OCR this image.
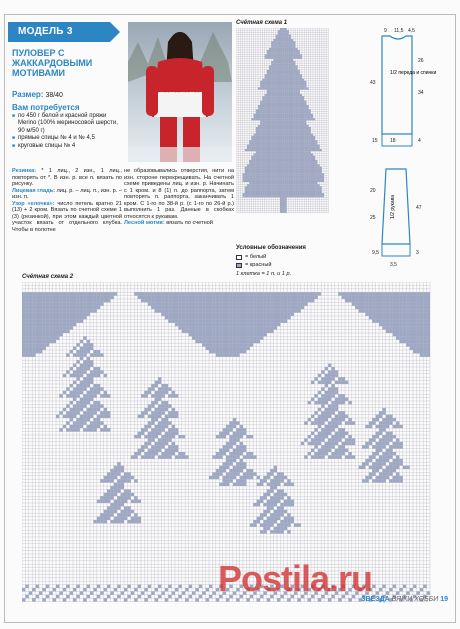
МОДЕЛЬ 3
ПУЛОВЕР С ЖАККАРДОВЫМИ МОТИВАМИ
Размер: 38/40
Вам потребуется
■ по 450 г белой и красной пряжи Merino (100% мериносовой шерсти, 90 м/50 г)
■ прямые спицы № 4 и № 4,5
■ круговые спицы № 4

Резинка: * 1 лиц., 2 изн., 1 лиц., повторять от *. В изн. р. все п. вязать по рисунку.

Лицевая гладь: лиц. р. – лиц. п., изн. р. – изн. п.

Узор «елочка»: число петель кратно 21 (13) + 2 кром. Вязать по счетной схеме 1 (3) (резинкой), при этом каждый цветной участок вязать от отдельного клубка. Чтобы в полотне

не образовывались отверстия, нити на изн. стороне перекрещивать. На счетной схеме приведены лиц. и изн. р. Начинать с 1 кром. и 8 (1) п. до раппорта, затем повторять п. раппорта, заканчивать 1 кром. С 1-го по 38-й р. (с 1-го по 26-й р.) выполнить 1 раз. Данные в скобках относятся к рукавам.

Лесной мотив: вязать по счетной

Счётная схема 1
Условные обозначения
= белый
= красный
1 клетка = 1 п. и 1 р.
1/2 переда и спинки
1/2 рукава
9 11,5 4,5
26
43
34
18	4
15
20
25
47
9,5
3,5
3
Счётная схема 2
Postila.ru
ЗВЕЗДА ВЯЖИ ХОББИ 19
